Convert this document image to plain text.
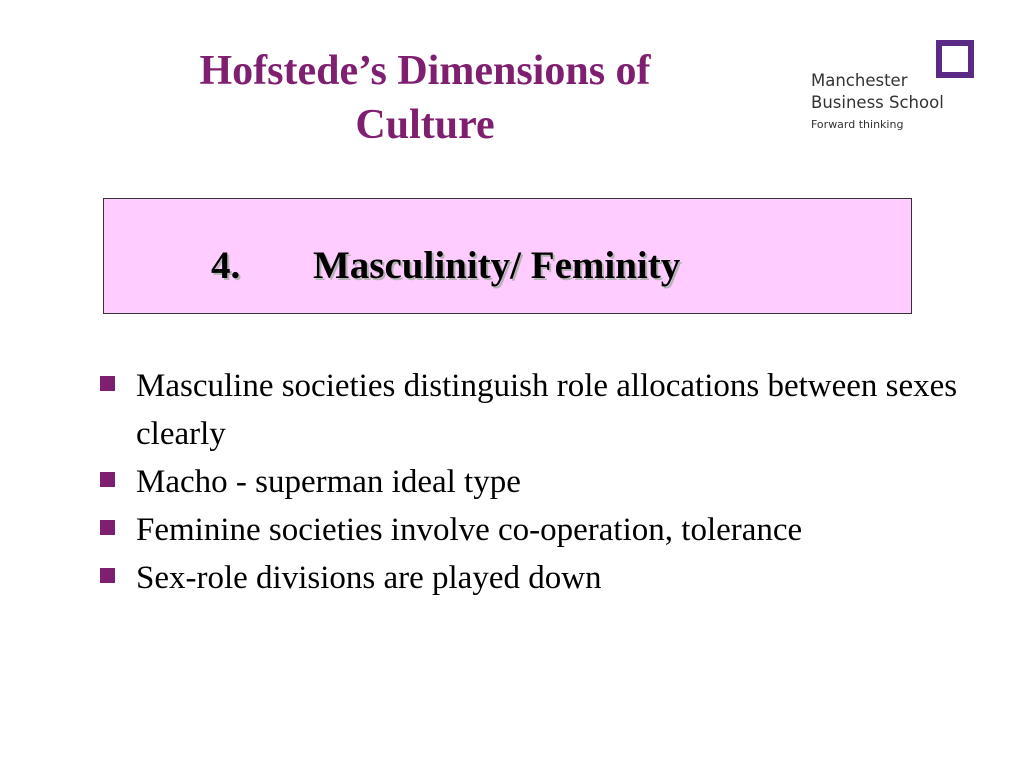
Hofstede’s Dimensions of
Culture
Manchester
Business School
Forward thinking
4. Masculinity/ Feminity
Masculine societies distinguish role allocations between sexes clearly
Macho - superman ideal type
Feminine societies involve co-operation, tolerance
Sex-role divisions are played down
